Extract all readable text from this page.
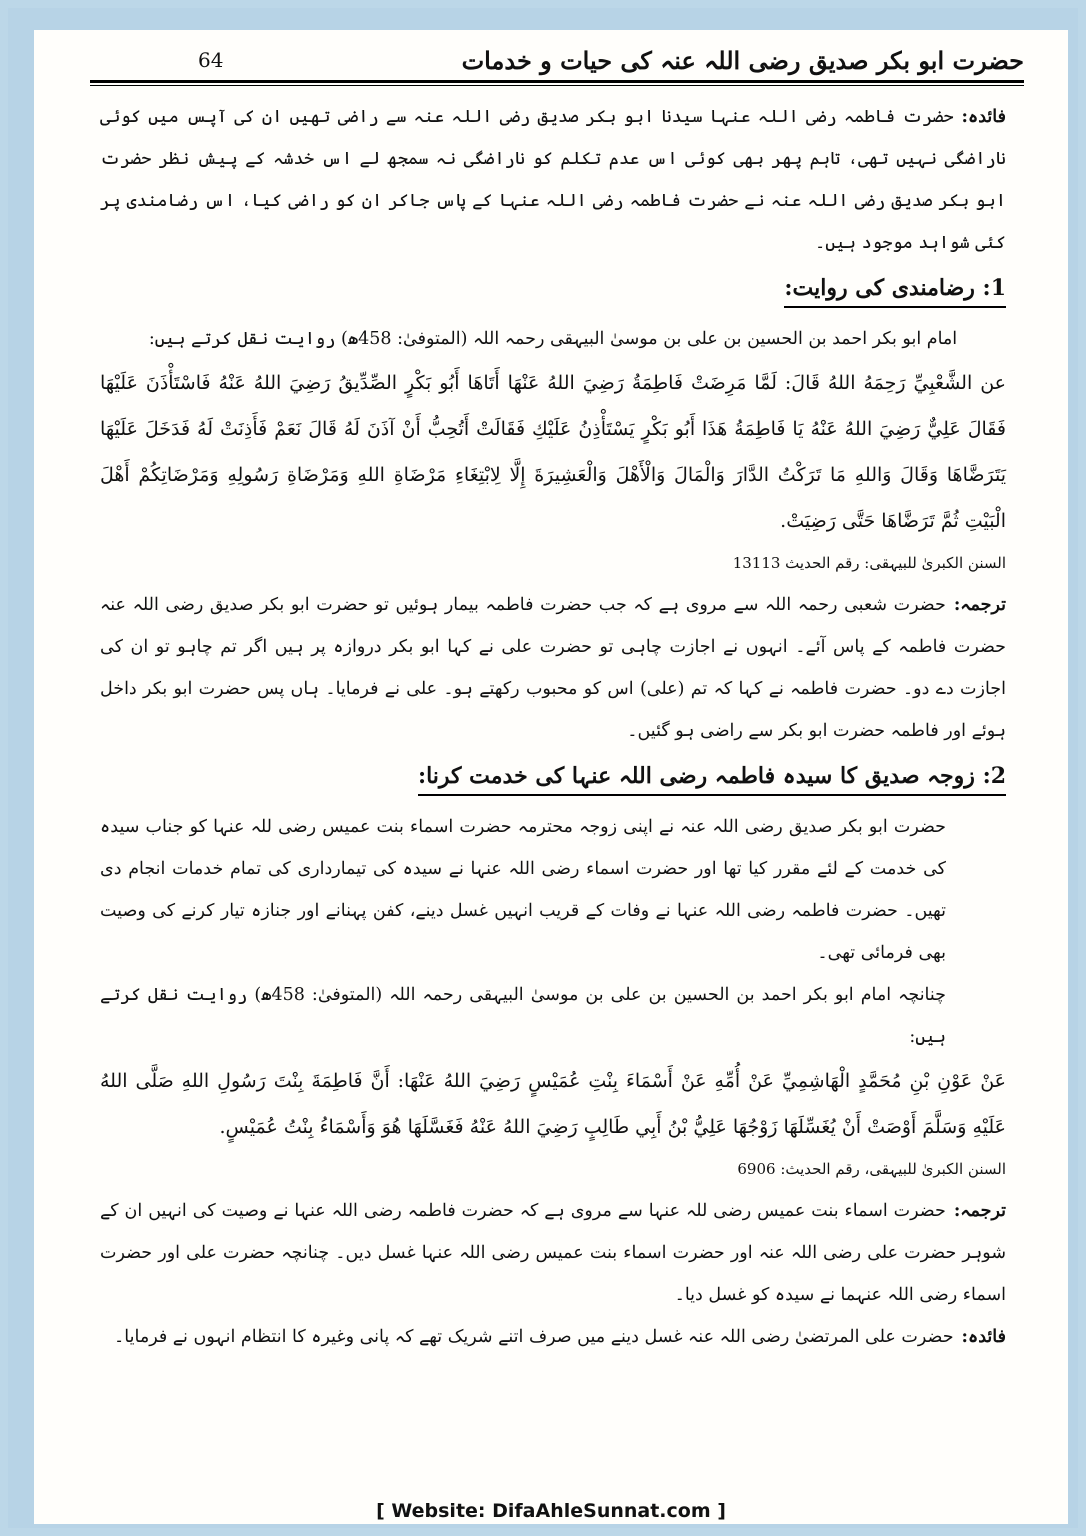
حضرت ابو بکر صدیق رضی اللہ عنہ کی حیات و خدمات
64

فائدہ:حضرت فاطمہ رضی اللہ عنہا سیدنا ابو بکر صدیق رضی اللہ عنہ سے راضی تھیں ان کی آپس میں کوئی ناراضگی نہیں تھی، تاہم پھر بھی کوئی اس عدم تکلم کو ناراضگی نہ سمجھ لے اس خدشہ کے پیش نظر حضرت ابو بکر صدیق رضی اللہ عنہ نے حضرت فاطمہ رضی اللہ عنہا کے پاس جاکر ان کو راضی کیا، اس رضامندی پر کئی شواہد موجود ہیں۔

1: رضامندی کی روایت:

امام ابو بکر احمد بن الحسین بن علی بن موسیٰ البیہقی رحمہ اللہ (المتوفیٰ: 458ھ) روایت نقل کرتے ہیں:

عن الشَّعْبِيِّ رَحِمَهُ اللهُ قَالَ: لَمَّا مَرِضَتْ فَاطِمَةُ رَضِيَ اللهُ عَنْهَا أَتَاهَا أَبُو بَكْرٍ الصِّدِّيقُ رَضِيَ اللهُ عَنْهُ فَاسْتَأْذَنَ عَلَيْهَا فَقَالَ عَلِيٌّ رَضِيَ اللهُ عَنْهُ يَا فَاطِمَةُ هَذَا أَبُو بَكْرٍ يَسْتَأْذِنُ عَلَيْكِ فَقَالَتْ أَتُحِبُّ أَنْ آذَنَ لَهُ قَالَ نَعَمْ فَأَذِنَتْ لَهُ فَدَخَلَ عَلَيْهَا يَتَرَضَّاهَا وَقَالَ وَاللهِ مَا تَرَكْتُ الدَّارَ وَالْمَالَ وَالْأَهْلَ وَالْعَشِيرَةَ إِلَّا لِابْتِغَاءِ مَرْضَاةِ اللهِ وَمَرْضَاةِ رَسُولِهِ وَمَرْضَاتِكُمْ أَهْلَ الْبَيْتِ ثُمَّ تَرَضَّاهَا حَتَّى رَضِيَتْ.

السنن الکبریٰ للبیہقی: رقم الحدیث 13113

ترجمہ:حضرت شعبی رحمہ اللہ سے مروی ہے کہ جب حضرت فاطمہ بیمار ہوئیں تو حضرت ابو بکر صدیق رضی اللہ عنہ حضرت فاطمہ کے پاس آئے۔ انہوں نے اجازت چاہی تو حضرت علی نے کہا ابو بکر دروازہ پر ہیں اگر تم چاہو تو ان کی اجازت دے دو۔ حضرت فاطمہ نے کہا کہ تم (علی) اس کو محبوب رکھتے ہو۔ علی نے فرمایا۔ ہاں پس حضرت ابو بکر داخل ہوئے اور فاطمہ حضرت ابو بکر سے راضی ہو گئیں۔

2: زوجہ صدیق کا سیدہ فاطمہ رضی اللہ عنہا کی خدمت کرنا:

حضرت ابو بکر صدیق رضی اللہ عنہ نے اپنی زوجہ محترمہ حضرت اسماء بنت عمیس رضی للہ عنہا کو جناب سیدہ کی خدمت کے لئے مقرر کیا تھا اور حضرت اسماء رضی اللہ عنہا نے سیدہ کی تیمارداری کی تمام خدمات انجام دی تھیں۔ حضرت فاطمہ رضی اللہ عنہا نے وفات کے قریب انہیں غسل دینے، کفن پہنانے اور جنازہ تیار کرنے کی وصیت بھی فرمائی تھی۔

چنانچہ امام ابو بکر احمد بن الحسین بن علی بن موسیٰ البیہقی رحمہ اللہ (المتوفیٰ: 458ھ) روایت نقل کرتے ہیں:

عَنْ عَوْنِ بْنِ مُحَمَّدٍ الْهَاشِمِيِّ عَنْ أُمِّهِ عَنْ أَسْمَاءَ بِنْتِ عُمَيْسٍ رَضِيَ اللهُ عَنْهَا: أَنَّ فَاطِمَةَ بِنْتَ رَسُولِ اللهِ صَلَّى اللهُ عَلَيْهِ وَسَلَّمَ أَوْصَتْ أَنْ يُغَسِّلَهَا زَوْجُهَا عَلِيُّ بْنُ أَبِي طَالِبٍ رَضِيَ اللهُ عَنْهُ فَغَسَّلَهَا هُوَ وَأَسْمَاءُ بِنْتُ عُمَيْسٍ.

السنن الکبریٰ للبیہقی، رقم الحدیث: 6906

ترجمہ:حضرت اسماء بنت عمیس رضی للہ عنہا سے مروی ہے کہ حضرت فاطمہ رضی اللہ عنہا نے وصیت کی انہیں ان کے شوہر حضرت علی رضی اللہ عنہ اور حضرت اسماء بنت عمیس رضی اللہ عنہا غسل دیں۔ چنانچہ حضرت علی اور حضرت اسماء رضی اللہ عنہما نے سیدہ کو غسل دیا۔

فائدہ:حضرت علی المرتضیٰ رضی اللہ عنہ غسل دینے میں صرف اتنے شریک تھے کہ پانی وغیرہ کا انتظام انہوں نے فرمایا۔

[ Website: DifaAhleSunnat.com ]
